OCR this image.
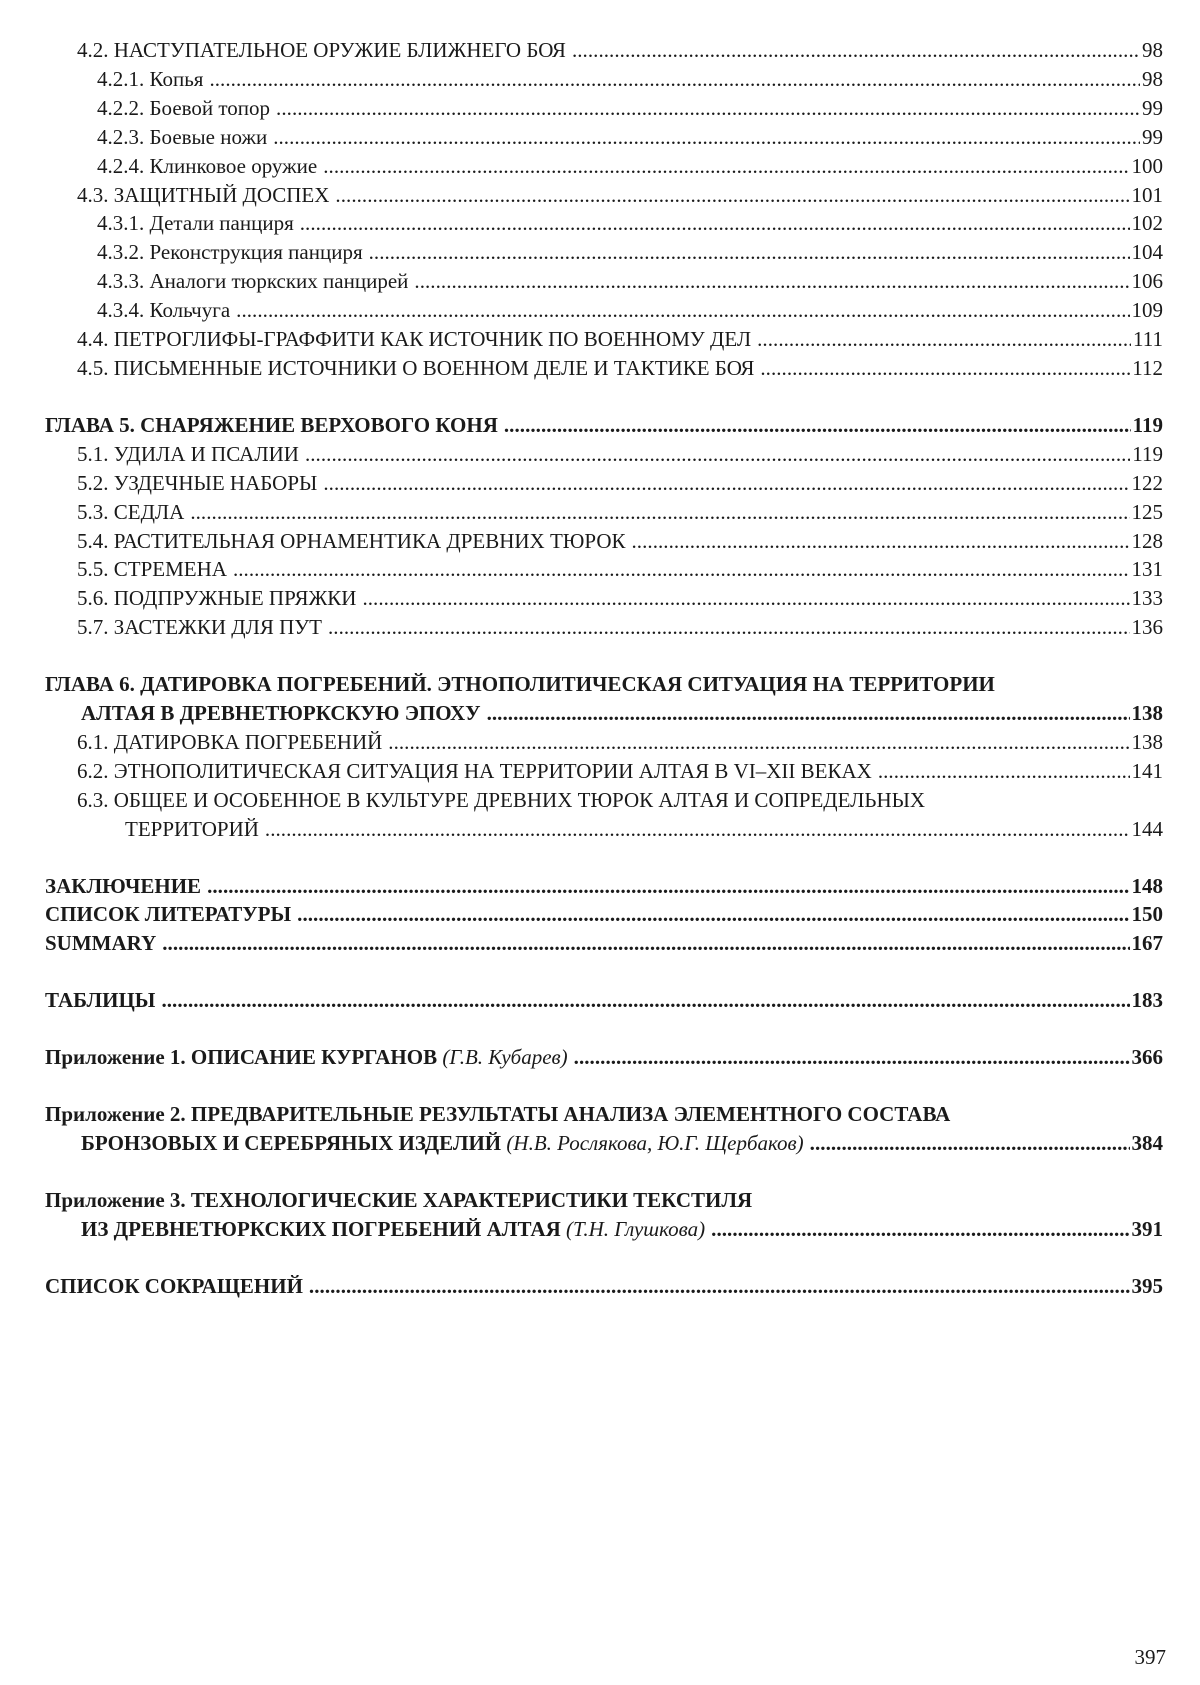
4.2. НАСТУПАТЕЛЬНОЕ ОРУЖИЕ БЛИЖНЕГО БОЯ . . .	98
4.2.1. Копья . . .	98
4.2.2. Боевой топор . . .	99
4.2.3. Боевые ножи . . .	99
4.2.4. Клинковое оружие . . .	100
4.3. ЗАЩИТНЫЙ ДОСПЕХ . . .	101
4.3.1. Детали панциря . . .	102
4.3.2. Реконструкция панциря . . .	104
4.3.3. Аналоги тюркских панцирей . . .	106
4.3.4. Кольчуга . . .	109
4.4. ПЕТРОГЛИФЫ-ГРАФФИТИ КАК ИСТОЧНИК ПО ВОЕННОМУ ДЕЛ . . .	111
4.5. ПИСЬМЕННЫЕ ИСТОЧНИКИ О ВОЕННОМ ДЕЛЕ И ТАКТИКЕ БОЯ . . .	112
ГЛАВА 5. СНАРЯЖЕНИЕ ВЕРХОВОГО КОНЯ . . .	119
5.1. УДИЛА И ПСАЛИИ . . .	119
5.2. УЗДЕЧНЫЕ НАБОРЫ . . .	122
5.3. СЕДЛА . . .	125
5.4. РАСТИТЕЛЬНАЯ ОРНАМЕНТИКА ДРЕВНИХ ТЮРОК . . .	128
5.5. СТРЕМЕНА . . .	131
5.6. ПОДПРУЖНЫЕ ПРЯЖКИ . . .	133
5.7. ЗАСТЕЖКИ ДЛЯ ПУТ . . .	136
ГЛАВА 6. ДАТИРОВКА ПОГРЕБЕНИЙ. ЭТНОПОЛИТИЧЕСКАЯ СИТУАЦИЯ НА ТЕРРИТОРИИ
АЛТАЯ В ДРЕВНЕТЮРКСКУЮ ЭПОХУ . . .	138
6.1. ДАТИРОВКА ПОГРЕБЕНИЙ . . .	138
6.2. ЭТНОПОЛИТИЧЕСКАЯ СИТУАЦИЯ НА ТЕРРИТОРИИ АЛТАЯ В VI–XII ВЕКАХ . . .	141
6.3. ОБЩЕЕ И ОСОБЕННОЕ В КУЛЬТУРЕ ДРЕВНИХ ТЮРОК АЛТАЯ И СОПРЕДЕЛЬНЫХ
ТЕРРИТОРИЙ . . .	144
ЗАКЛЮЧЕНИЕ . . .	148
СПИСОК ЛИТЕРАТУРЫ . . .	150
SUMMARY . . .	167
ТАБЛИЦЫ . . .	183
Приложение 1. ОПИСАНИЕ КУРГАНОВ (Г.В. Кубарев) . . .	366
Приложение 2. ПРЕДВАРИТЕЛЬНЫЕ РЕЗУЛЬТАТЫ АНАЛИЗА ЭЛЕМЕНТНОГО СОСТАВА
БРОНЗОВЫХ И СЕРЕБРЯНЫХ ИЗДЕЛИЙ (Н.В. Рослякова, Ю.Г. Щербаков) . . .	384
Приложение 3. ТЕХНОЛОГИЧЕСКИЕ ХАРАКТЕРИСТИКИ ТЕКСТИЛЯ
ИЗ ДРЕВНЕТЮРКСКИХ ПОГРЕБЕНИЙ АЛТАЯ (Т.Н. Глушкова) . . .	391
СПИСОК СОКРАЩЕНИЙ . . .	395
397
